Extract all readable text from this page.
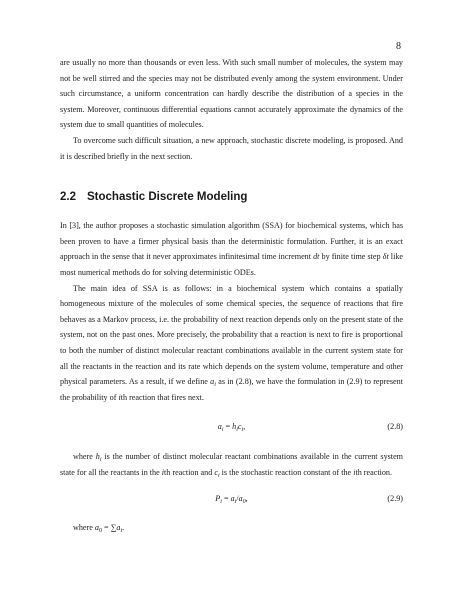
8

are usually no more than thousands or even less. With such small number of molecules, the system may not be well stirred and the species may not be distributed evenly among the system environment. Under such circumstance, a uniform concentration can hardly describe the distribution of a species in the system. Moreover, continuous differential equations cannot accurately approximate the dynamics of the system due to small quantities of molecules.

To overcome such difficult situation, a new approach, stochastic discrete modeling, is proposed. And it is described briefly in the next section.

2.2 Stochastic Discrete Modeling

In [3], the author proposes a stochastic simulation algorithm (SSA) for biochemical systems, which has been proven to have a firmer physical basis than the deterministic formulation. Further, it is an exact approach in the sense that it never approximates infinitesimal time increment dt by finite time step δt like most numerical methods do for solving deterministic ODEs.

The main idea of SSA is as follows: in a biochemical system which contains a spatially homogeneous mixture of the molecules of some chemical species, the sequence of reactions that fire behaves as a Markov process, i.e. the probability of next reaction depends only on the present state of the system, not on the past ones. More precisely, the probability that a reaction is next to fire is proportional to both the number of distinct molecular reactant combinations available in the current system state for all the reactants in the reaction and its rate which depends on the system volume, temperature and other physical parameters. As a result, if we define $a_i$ as in (2.8), we have the formulation in (2.9) to represent the probability of ith reaction that fires next.

$a_i = h_ic_i$,	(2.8)

where $h_i$ is the number of distinct molecular reactant combinations available in the current system state for all the reactants in the ith reaction and $c_i$ is the stochastic reaction constant of the ith reaction.

$P_i = a_i/a_0$,	(2.9)

where $a_0 = \sum a_i$.
